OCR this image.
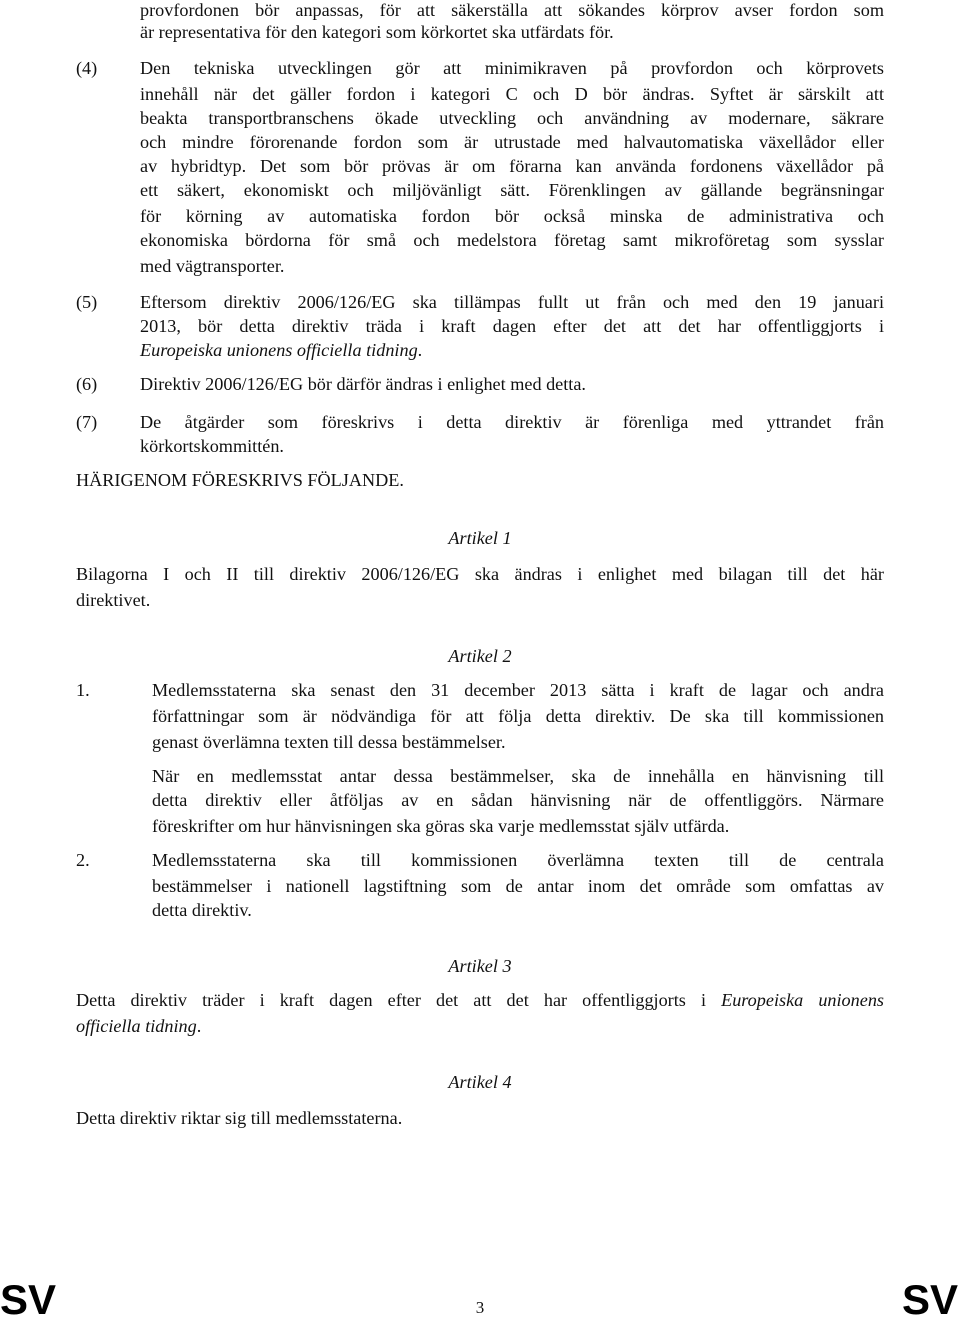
provfordonen bör anpassas, för att säkerställa att sökandes körprov avser fordon som
är representativa för den kategori som körkortet ska utfärdats för.
(4) Den tekniska utvecklingen gör att minimikraven på provfordon och körprovets
innehåll när det gäller fordon i kategori C och D bör ändras. Syftet är särskilt att
beakta transportbranschens ökade utveckling och användning av modernare, säkrare
och mindre förorenande fordon som är utrustade med halvautomatiska växellådor eller
av hybridtyp. Det som bör prövas är om förarna kan använda fordonens växellådor på
ett säkert, ekonomiskt och miljövänligt sätt. Förenklingen av gällande begränsningar
för körning av automatiska fordon bör också minska de administrativa och
ekonomiska bördorna för små och medelstora företag samt mikroföretag som sysslar
med vägtransporter.
(5) Eftersom direktiv 2006/126/EG ska tillämpas fullt ut från och med den 19 januari
2013, bör detta direktiv träda i kraft dagen efter det att det har offentliggjorts i
Europeiska unionens officiella tidning.
(6) Direktiv 2006/126/EG bör därför ändras i enlighet med detta.
(7) De åtgärder som föreskrivs i detta direktiv är förenliga med yttrandet från
körkortskommittén.
HÄRIGENOM FÖRESKRIVS FÖLJANDE.
Artikel 1
Bilagorna I och II till direktiv 2006/126/EG ska ändras i enlighet med bilagan till det här
direktivet.
Artikel 2
1.	Medlemsstaterna ska senast den 31 december 2013 sätta i kraft de lagar och andra
författningar som är nödvändiga för att följa detta direktiv. De ska till kommissionen
genast överlämna texten till dessa bestämmelser.
När en medlemsstat antar dessa bestämmelser, ska de innehålla en hänvisning till
detta direktiv eller åtföljas av en sådan hänvisning när de offentliggörs. Närmare
föreskrifter om hur hänvisningen ska göras ska varje medlemsstat själv utfärda.
2.	Medlemsstaterna ska till kommissionen överlämna texten till de centrala
bestämmelser i nationell lagstiftning som de antar inom det område som omfattas av
detta direktiv.
Artikel 3
Detta direktiv träder i kraft dagen efter det att det har offentliggjorts i Europeiska unionens
officiella tidning.
Artikel 4
Detta direktiv riktar sig till medlemsstaterna.
SV	3	SV
